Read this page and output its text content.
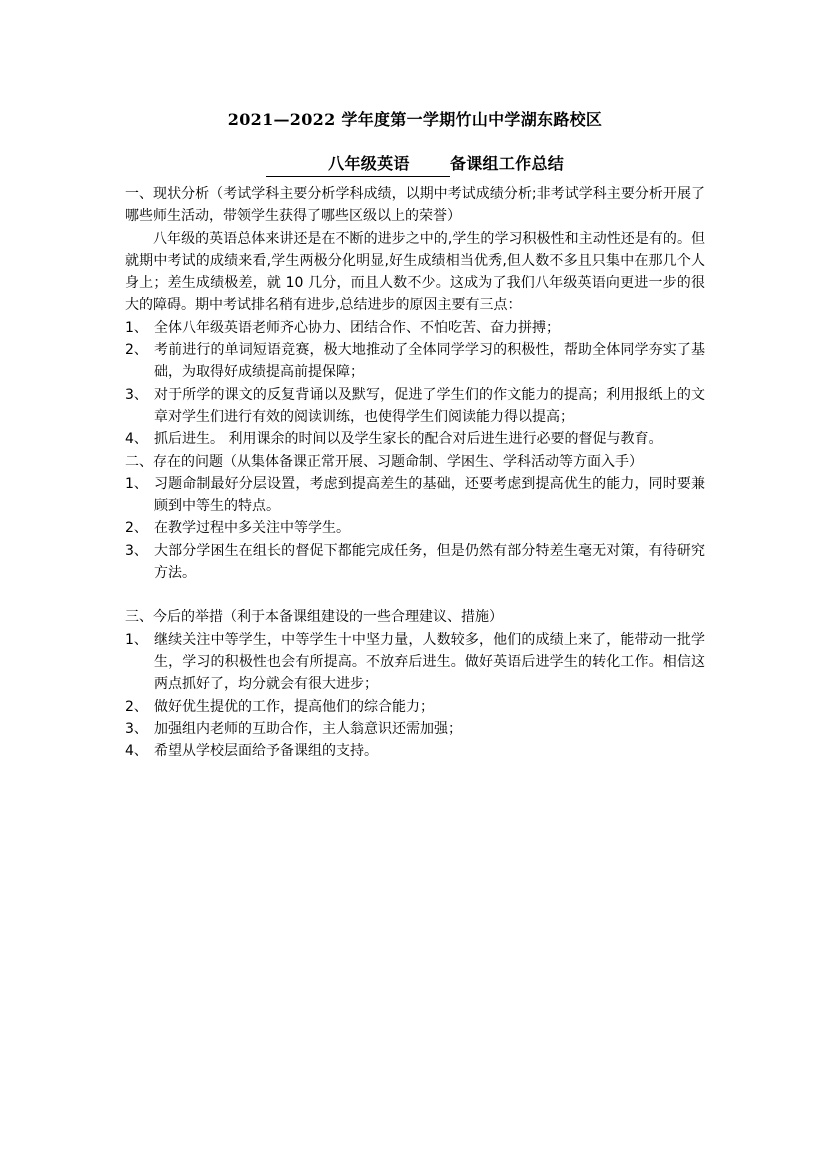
2021—2022 学年度第一学期竹山中学湖东路校区

八年级英语	备课组工作总结

一、现状分析（考试学科主要分析学科成绩，以期中考试成绩分析;非考试学科主要分析开展了哪些师生活动，带领学生获得了哪些区级以上的荣誉）

八年级的英语总体来讲还是在不断的进步之中的,学生的学习积极性和主动性还是有的。但就期中考试的成绩来看,学生两极分化明显,好生成绩相当优秀,但人数不多且只集中在那几个人身上；差生成绩极差，就 10 几分，而且人数不少。这成为了我们八年级英语向更进一步的很大的障碍。期中考试排名稍有进步,总结进步的原因主要有三点：

1、 全体八年级英语老师齐心协力、团结合作、不怕吃苦、奋力拼搏；
2、 考前进行的单词短语竞赛，极大地推动了全体同学学习的积极性，帮助全体同学夯实了基础，为取得好成绩提高前提保障；
3、 对于所学的课文的反复背诵以及默写，促进了学生们的作文能力的提高；利用报纸上的文章对学生们进行有效的阅读训练，也使得学生们阅读能力得以提高；
4、 抓后进生。 利用课余的时间以及学生家长的配合对后进生进行必要的督促与教育。

二、存在的问题（从集体备课正常开展、习题命制、学困生、学科活动等方面入手）

1、 习题命制最好分层设置，考虑到提高差生的基础，还要考虑到提高优生的能力，同时要兼顾到中等生的特点。
2、 在教学过程中多关注中等学生。
3、 大部分学困生在组长的督促下都能完成任务，但是仍然有部分特差生毫无对策，有待研究方法。

三、今后的举措（利于本备课组建设的一些合理建议、措施）

1、 继续关注中等学生，中等学生十中坚力量，人数较多，他们的成绩上来了，能带动一批学生，学习的积极性也会有所提高。不放弃后进生。做好英语后进学生的转化工作。相信这两点抓好了，均分就会有很大进步；
2、 做好优生提优的工作，提高他们的综合能力；
3、 加强组内老师的互助合作，主人翁意识还需加强；
4、 希望从学校层面给予备课组的支持。
